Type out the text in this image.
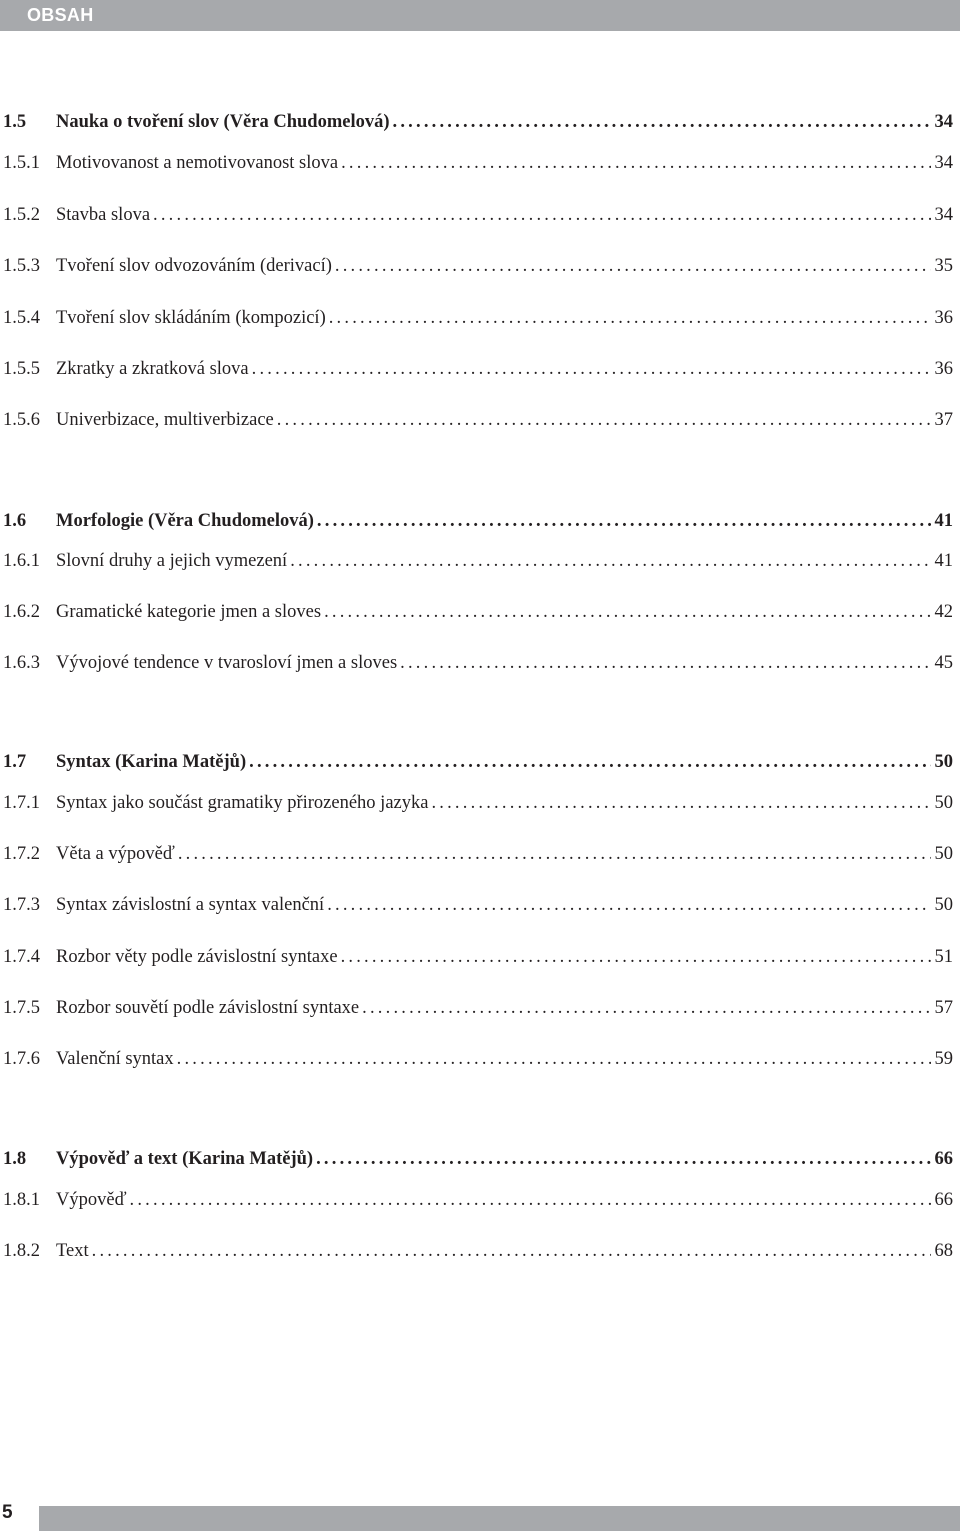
OBSAH
1.5	Nauka o tvoření slov (Věra Chudomelová) .....	34
1.5.1 Motivovanost a nemotivovanost slova .....	34
1.5.2 Stavba slova .....	34
1.5.3 Tvoření slov odvozováním (derivací) .....	35
1.5.4 Tvoření slov skládáním (kompozicí) .....	36
1.5.5 Zkratky a zkratková slova .....	36
1.5.6 Univerbizace, multiverbizace .....	37
1.6	Morfologie (Věra Chudomelová) .....	41
1.6.1 Slovní druhy a jejich vymezení .....	41
1.6.2 Gramatické kategorie jmen a sloves .....	42
1.6.3 Vývojové tendence v tvarosloví jmen a sloves .....	45
1.7	Syntax (Karina Matějů) .....	50
1.7.1 Syntax jako součást gramatiky přirozeného jazyka .....	50
1.7.2 Věta a výpověď .....	50
1.7.3 Syntax závislostní a syntax valenční .....	50
1.7.4 Rozbor věty podle závislostní syntaxe .....	51
1.7.5 Rozbor souvětí podle závislostní syntaxe .....	57
1.7.6 Valenční syntax .....	59
1.8	Výpověď a text (Karina Matějů) .....	66
1.8.1 Výpověď .....	66
1.8.2 Text .....	68
5
